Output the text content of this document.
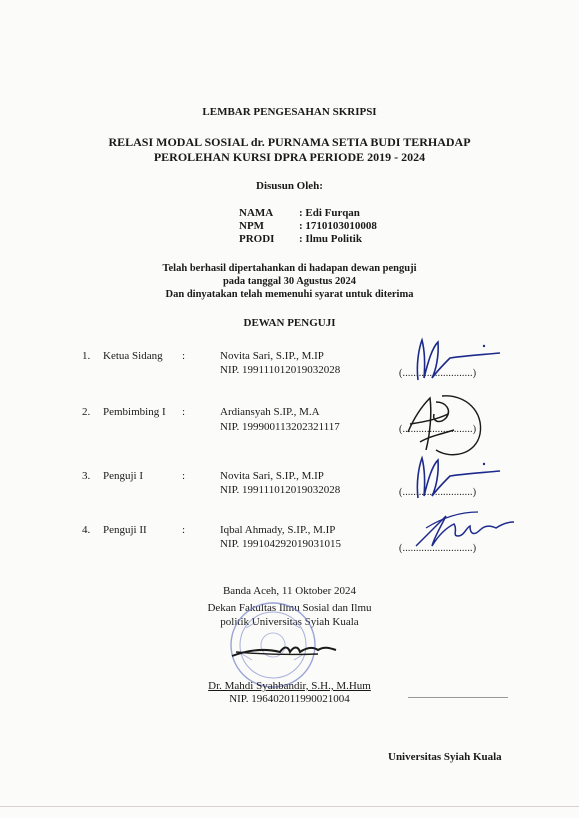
LEMBAR PENGESAHAN SKRIPSI
RELASI MODAL SOSIAL dr. PURNAMA SETIA BUDI TERHADAP
PEROLEHAN KURSI DPRA PERIODE 2019 - 2024
Disusun Oleh:
NAMA	: Edi Furqan
NPM	: 1710103010008
PRODI	: Ilmu Politik
Telah berhasil dipertahankan di hadapan dewan penguji
pada tanggal 30 Agustus 2024
Dan dinyatakan telah memenuhi syarat untuk diterima
DEWAN PENGUJI
1. Ketua Sidang :	Novita Sari, S.IP., M.IP
NIP. 199111012019032028	(..........................)
2. Pembimbing I :	Ardiansyah S.IP., M.A
NIP. 199900113202321117	(..........................)
3. Penguji I	:	Novita Sari, S.IP., M.IP
NIP. 199111012019032028	(..........................)
4. Penguji II	:	Iqbal Ahmady, S.IP., M.IP
NIP. 199104292019031015	(..........................)
Banda Aceh, 11 Oktober 2024
Dekan Fakultas Ilmu Sosial dan Ilmu
politik Universitas Syiah Kuala
Dr. Mahdi Syahbandir, S.H., M.Hum
NIP. 196402011990021004
Universitas Syiah Kuala
